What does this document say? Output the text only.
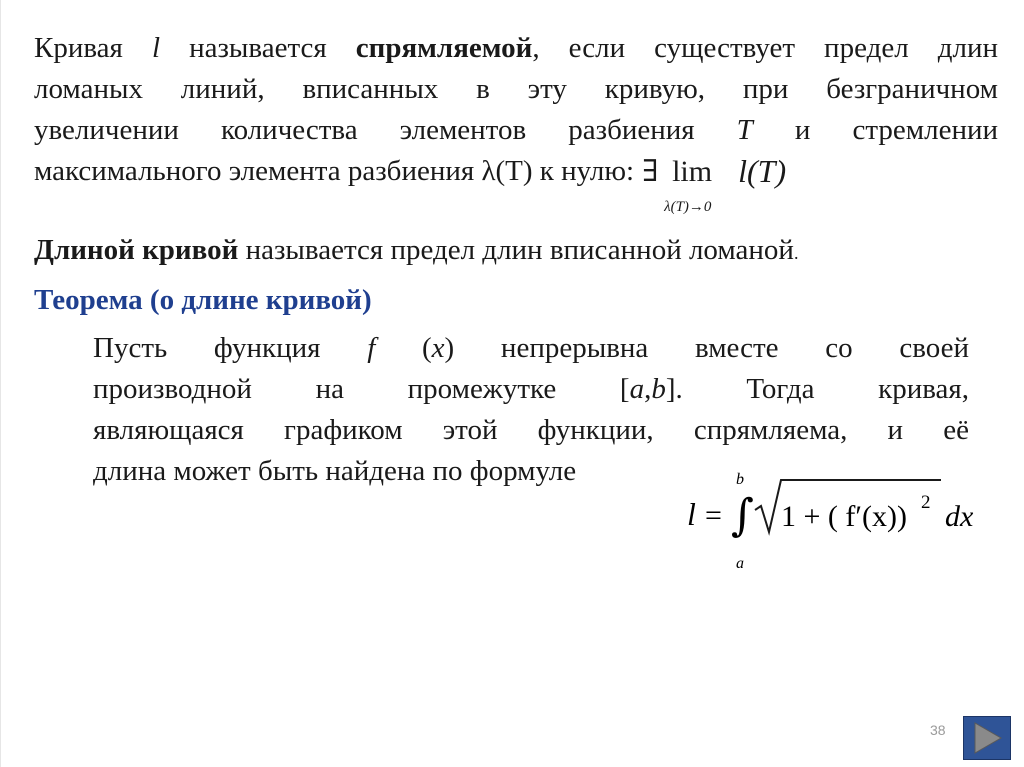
Кривая l называется спрямляемой, если существует предел длин
ломаных линий, вписанных в эту кривую, при безграничном
увеличении количества элементов разбиения T и стремлении
максимального элемента разбиения λ(T) к нулю: ∃ lim
λ(T)→0
l(T)
Длиной кривой называется предел длин вписанной ломаной.
Теорема (о длине кривой)
Пусть функция f (x) непрерывна вместе со своей
производной на промежутке [a,b]. Тогда кривая,
являющаяся графиком этой функции, спрямляема, и её
длина может быть найдена по формуле
l = ∫
b
a
1 + ( f′(x)) 2 dx
38
